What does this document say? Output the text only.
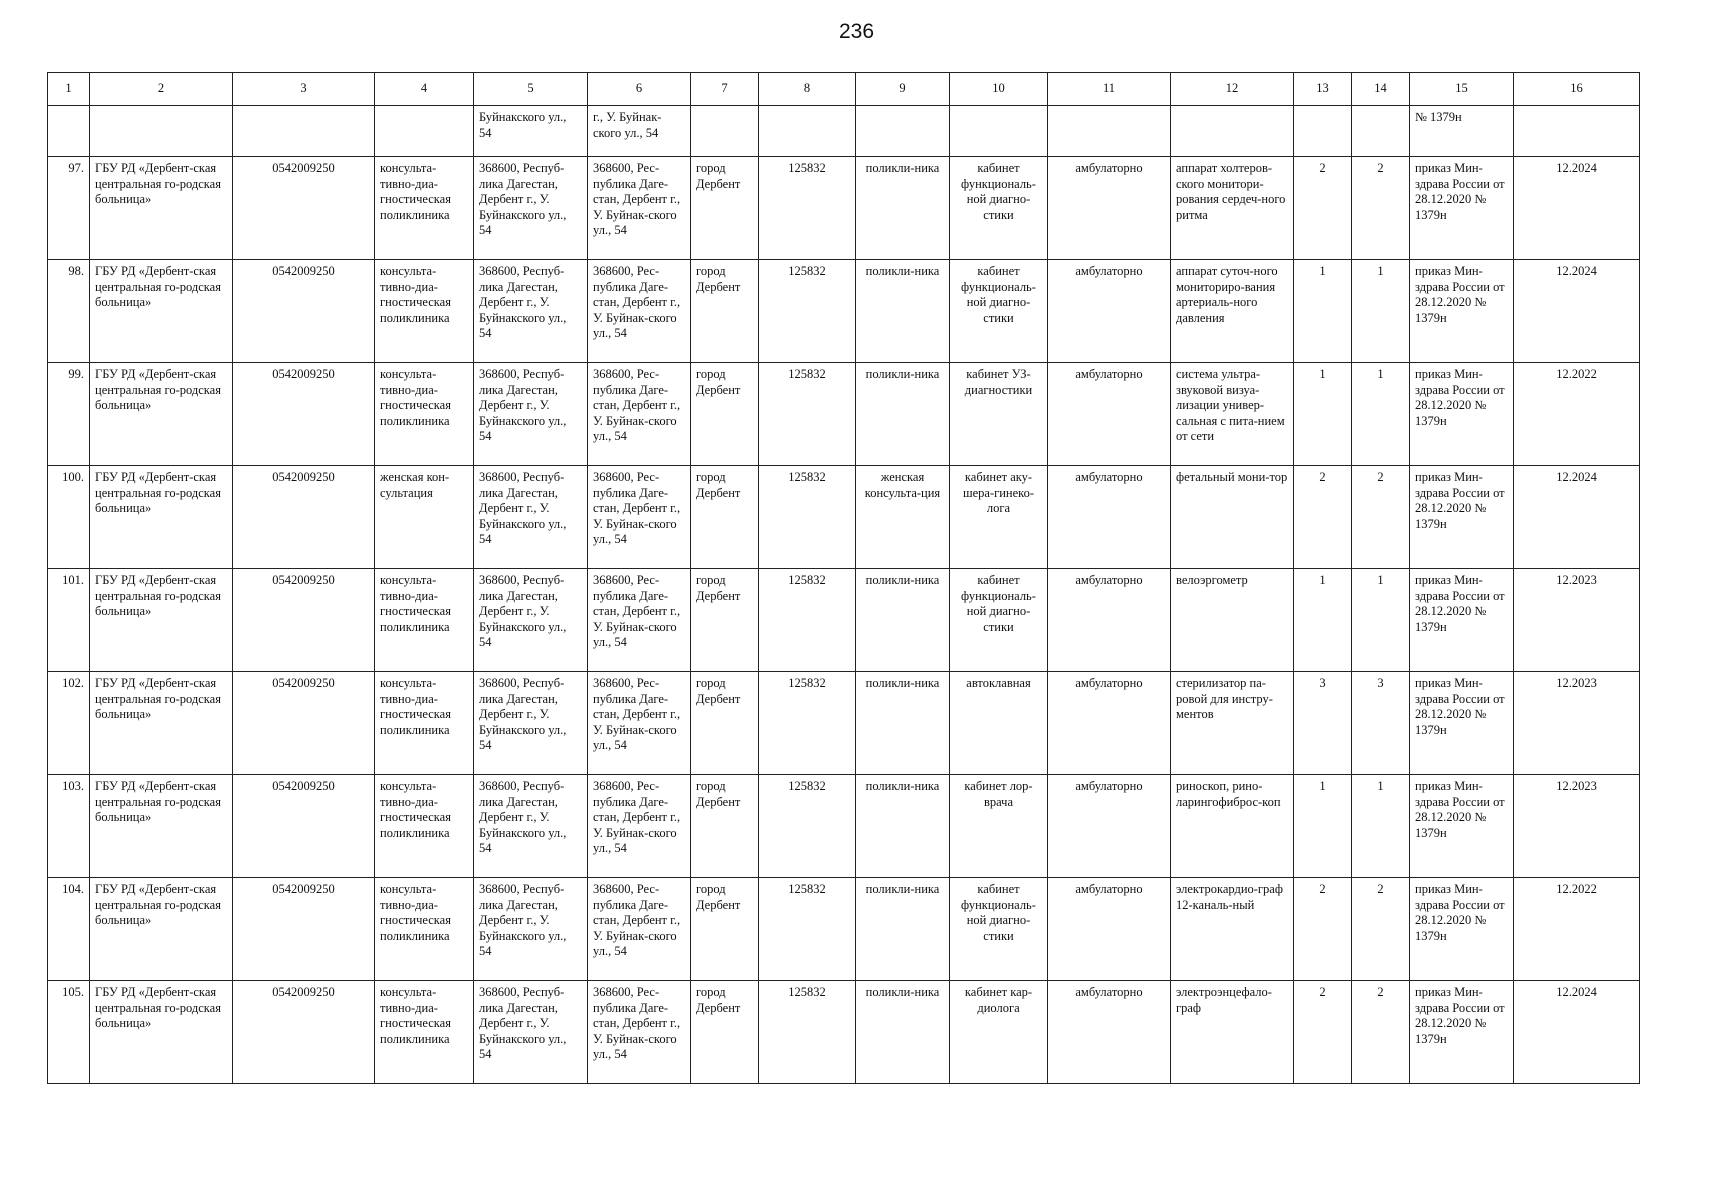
236
1	2	3	4	5	6	7	8	9	10	11	12	13	14	15	16
				Буйнакского ул., 54	г., У. Буйнак-ского ул., 54									№ 1379н	
97.	ГБУ РД «Дербент-ская центральная го-родская больница»	0542009250	консульта-тивно-диа-гностическая поликлиника	368600, Респуб-лика Дагестан, Дербент г., У. Буйнакского ул., 54	368600, Рес-публика Даге-стан, Дербент г., У. Буйнак-ского ул., 54	город Дербент	125832	поликли-ника	кабинет функциональ-ной диагно-стики	амбулаторно	аппарат холтеров-ского монитори-рования сердеч-ного ритма	2	2	приказ Мин-здрава России от 28.12.2020 № 1379н	12.2024
98.	ГБУ РД «Дербент-ская центральная го-родская больница»	0542009250	консульта-тивно-диа-гностическая поликлиника	368600, Респуб-лика Дагестан, Дербент г., У. Буйнакского ул., 54	368600, Рес-публика Даге-стан, Дербент г., У. Буйнак-ского ул., 54	город Дербент	125832	поликли-ника	кабинет функциональ-ной диагно-стики	амбулаторно	аппарат суточ-ного мониториро-вания артериаль-ного давления	1	1	приказ Мин-здрава России от 28.12.2020 № 1379н	12.2024
99.	ГБУ РД «Дербент-ская центральная го-родская больница»	0542009250	консульта-тивно-диа-гностическая поликлиника	368600, Респуб-лика Дагестан, Дербент г., У. Буйнакского ул., 54	368600, Рес-публика Даге-стан, Дербент г., У. Буйнак-ского ул., 54	город Дербент	125832	поликли-ника	кабинет УЗ-диагностики	амбулаторно	система ультра-звуковой визуа-лизации универ-сальная с пита-нием от сети	1	1	приказ Мин-здрава России от 28.12.2020 № 1379н	12.2022
100.	ГБУ РД «Дербент-ская центральная го-родская больница»	0542009250	женская кон-сультация	368600, Респуб-лика Дагестан, Дербент г., У. Буйнакского ул., 54	368600, Рес-публика Даге-стан, Дербент г., У. Буйнак-ского ул., 54	город Дербент	125832	женская консульта-ция	кабинет аку-шера-гинеко-лога	амбулаторно	фетальный мони-тор	2	2	приказ Мин-здрава России от 28.12.2020 № 1379н	12.2024
101.	ГБУ РД «Дербент-ская центральная го-родская больница»	0542009250	консульта-тивно-диа-гностическая поликлиника	368600, Респуб-лика Дагестан, Дербент г., У. Буйнакского ул., 54	368600, Рес-публика Даге-стан, Дербент г., У. Буйнак-ского ул., 54	город Дербент	125832	поликли-ника	кабинет функциональ-ной диагно-стики	амбулаторно	велоэргометр	1	1	приказ Мин-здрава России от 28.12.2020 № 1379н	12.2023
102.	ГБУ РД «Дербент-ская центральная го-родская больница»	0542009250	консульта-тивно-диа-гностическая поликлиника	368600, Респуб-лика Дагестан, Дербент г., У. Буйнакского ул., 54	368600, Рес-публика Даге-стан, Дербент г., У. Буйнак-ского ул., 54	город Дербент	125832	поликли-ника	автоклавная	амбулаторно	стерилизатор па-ровой для инстру-ментов	3	3	приказ Мин-здрава России от 28.12.2020 № 1379н	12.2023
103.	ГБУ РД «Дербент-ская центральная го-родская больница»	0542009250	консульта-тивно-диа-гностическая поликлиника	368600, Респуб-лика Дагестан, Дербент г., У. Буйнакского ул., 54	368600, Рес-публика Даге-стан, Дербент г., У. Буйнак-ского ул., 54	город Дербент	125832	поликли-ника	кабинет лор-врача	амбулаторно	риноскоп, рино-ларингофиброс-коп	1	1	приказ Мин-здрава России от 28.12.2020 № 1379н	12.2023
104.	ГБУ РД «Дербент-ская центральная го-родская больница»	0542009250	консульта-тивно-диа-гностическая поликлиника	368600, Респуб-лика Дагестан, Дербент г., У. Буйнакского ул., 54	368600, Рес-публика Даге-стан, Дербент г., У. Буйнак-ского ул., 54	город Дербент	125832	поликли-ника	кабинет функциональ-ной диагно-стики	амбулаторно	электрокардио-граф 12-каналь-ный	2	2	приказ Мин-здрава России от 28.12.2020 № 1379н	12.2022
105.	ГБУ РД «Дербент-ская центральная го-родская больница»	0542009250	консульта-тивно-диа-гностическая поликлиника	368600, Респуб-лика Дагестан, Дербент г., У. Буйнакского ул., 54	368600, Рес-публика Даге-стан, Дербент г., У. Буйнак-ского ул., 54	город Дербент	125832	поликли-ника	кабинет кар-диолога	амбулаторно	электроэнцефало-граф	2	2	приказ Мин-здрава России от 28.12.2020 № 1379н	12.2024
